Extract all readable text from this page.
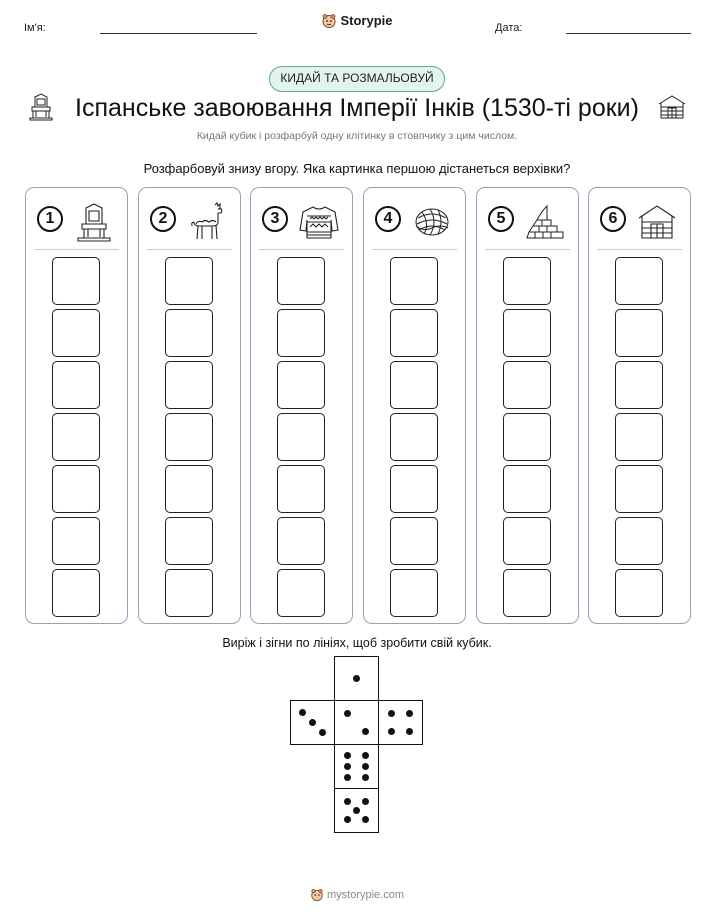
Ім'я:	Storypie	Дата:
КИДАЙ ТА РОЗМАЛЬОВУЙ
Іспанське завоювання Імперії Інків (1530-ті роки)
Кидай кубик і розфарбуй одну клітинку в стовпчику з цим числом.
Розфарбовуй знизу вгору. Яка картинка першою дістанеться верхівки?
1	2	3	4	5	6
Виріж і зігни по лініях, щоб зробити свій кубик.
mystorypie.com
